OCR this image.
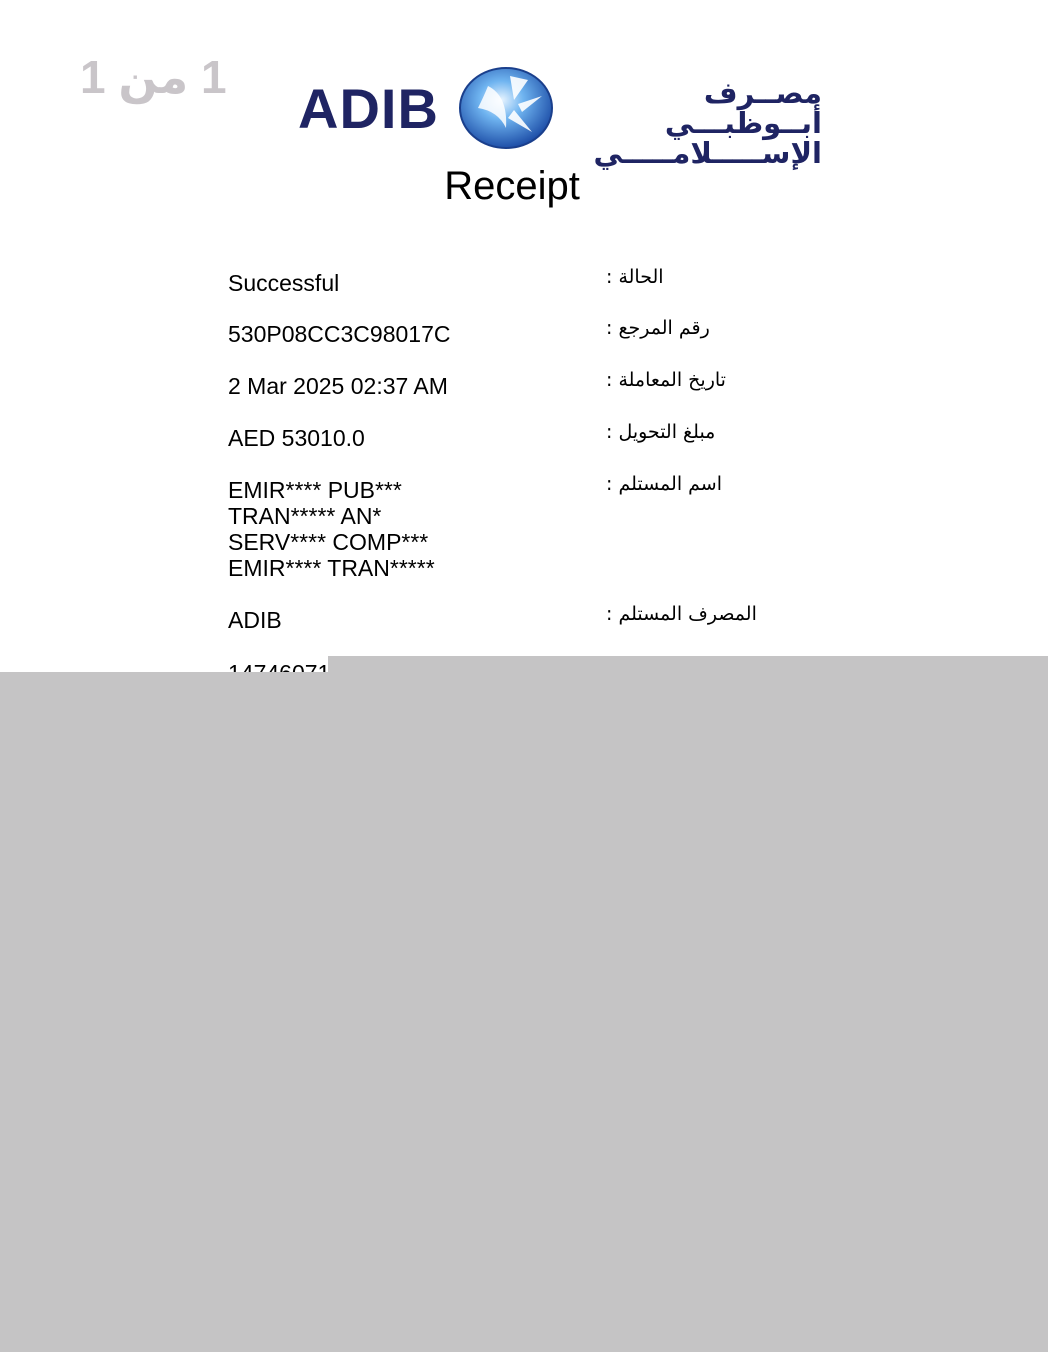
1 من 1 ADIB	مصــرف أبــوظبـــي
الإســـــلامـــــي
Receipt
Successful	الحالة :
530P08CC3C98017C	رقم المرجع :
2 Mar 2025 02:37 AM	تاريخ المعاملة :
AED 53010.0	مبلغ التحويل :
EMIR**** PUB***
TRAN***** AN*
SERV**** COMP***
EMIR**** TRAN*****
اسم المستلم :
ADIB	المصرف المستلم :
